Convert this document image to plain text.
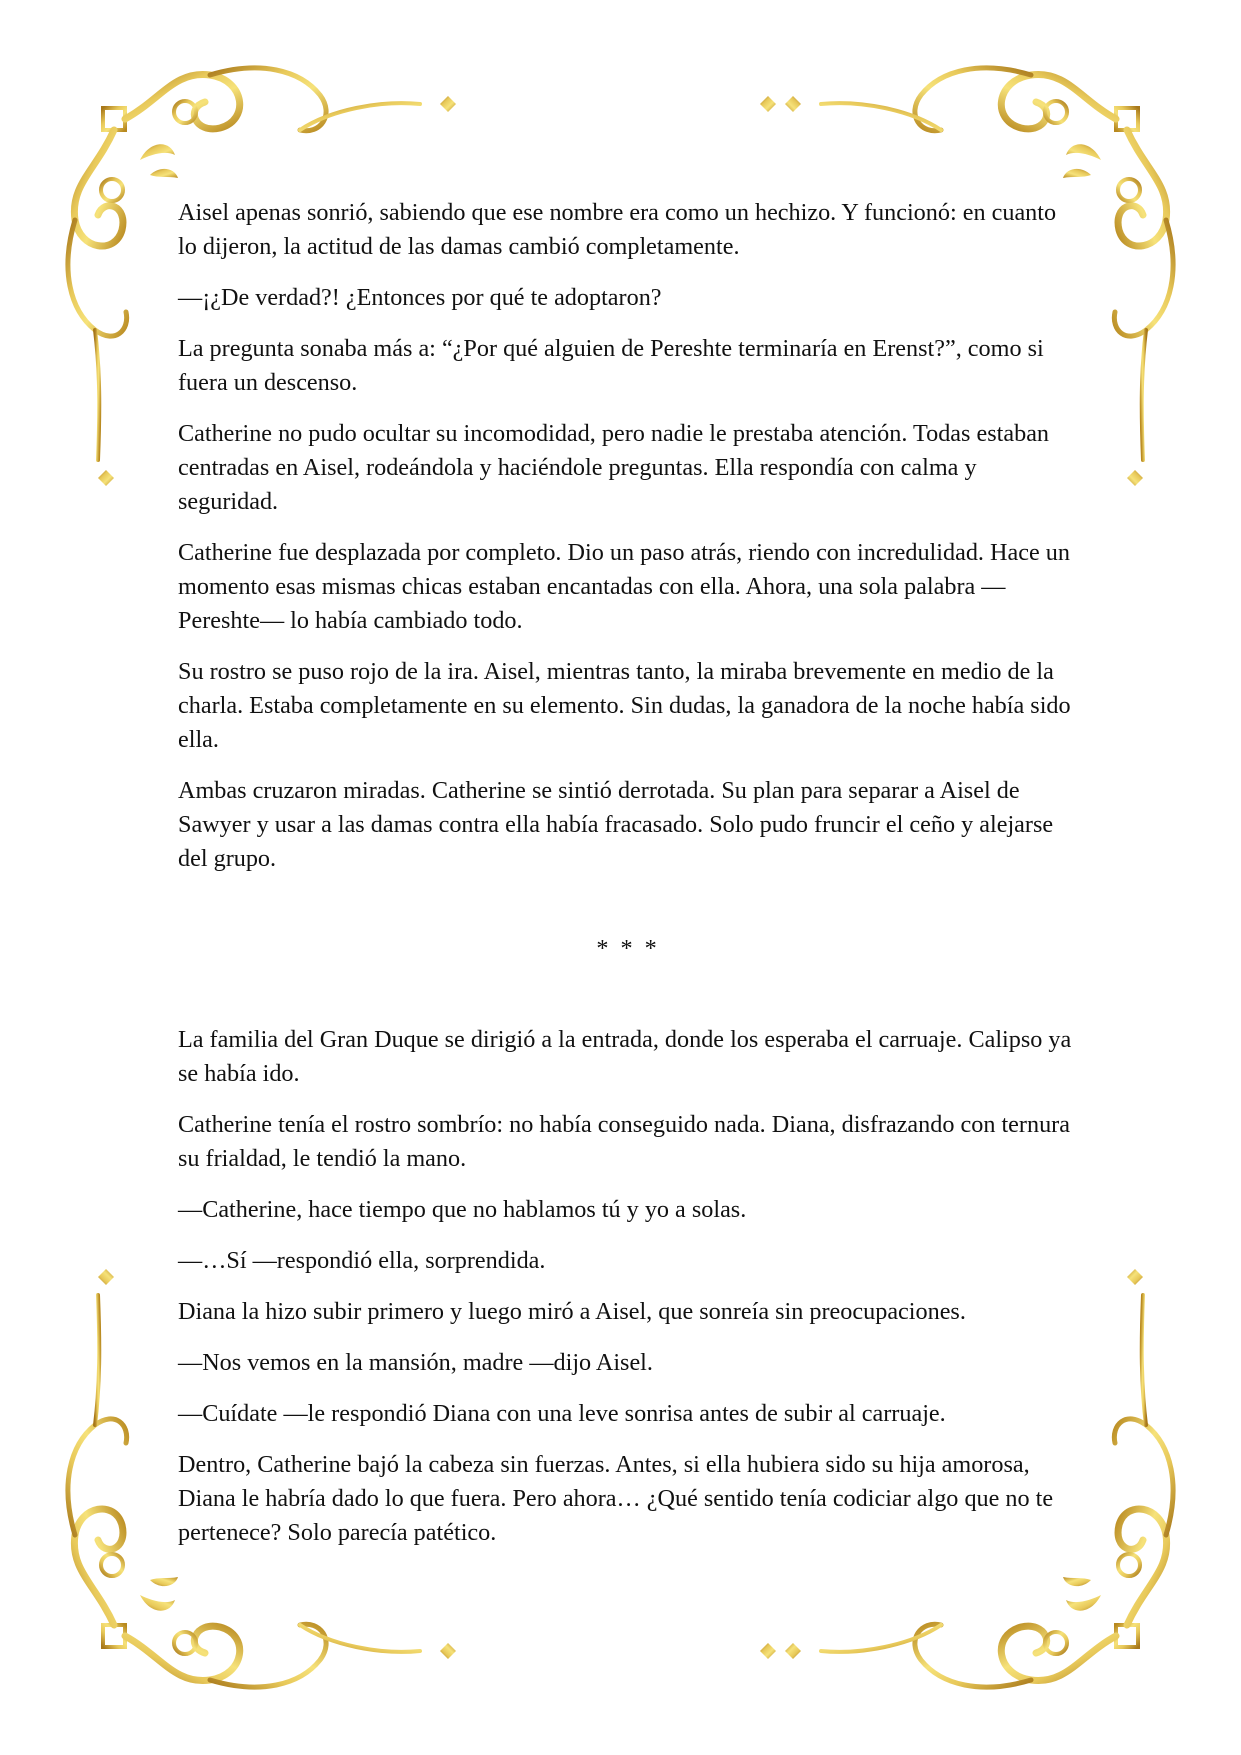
Aisel apenas sonrió, sabiendo que ese nombre era como un hechizo. Y funcionó: en cuanto lo dijeron, la actitud de las damas cambió completamente.

—¡¿De verdad?! ¿Entonces por qué te adoptaron?

La pregunta sonaba más a: “¿Por qué alguien de Pereshte terminaría en Erenst?”, como si fuera un descenso.

Catherine no pudo ocultar su incomodidad, pero nadie le prestaba atención. Todas estaban centradas en Aisel, rodeándola y haciéndole preguntas. Ella respondía con calma y seguridad.

Catherine fue desplazada por completo. Dio un paso atrás, riendo con incredulidad. Hace un momento esas mismas chicas estaban encantadas con ella. Ahora, una sola palabra —Pereshte— lo había cambiado todo.

Su rostro se puso rojo de la ira. Aisel, mientras tanto, la miraba brevemente en medio de la charla. Estaba completamente en su elemento. Sin dudas, la ganadora de la noche había sido ella.

Ambas cruzaron miradas. Catherine se sintió derrotada. Su plan para separar a Aisel de Sawyer y usar a las damas contra ella había fracasado. Solo pudo fruncir el ceño y alejarse del grupo.

* * *

La familia del Gran Duque se dirigió a la entrada, donde los esperaba el carruaje. Calipso ya se había ido.

Catherine tenía el rostro sombrío: no había conseguido nada. Diana, disfrazando con ternura su frialdad, le tendió la mano.

—Catherine, hace tiempo que no hablamos tú y yo a solas.

—…Sí —respondió ella, sorprendida.

Diana la hizo subir primero y luego miró a Aisel, que sonreía sin preocupaciones.

—Nos vemos en la mansión, madre —dijo Aisel.

—Cuídate —le respondió Diana con una leve sonrisa antes de subir al carruaje.

Dentro, Catherine bajó la cabeza sin fuerzas. Antes, si ella hubiera sido su hija amorosa, Diana le habría dado lo que fuera. Pero ahora… ¿Qué sentido tenía codiciar algo que no te pertenece? Solo parecía patético.
